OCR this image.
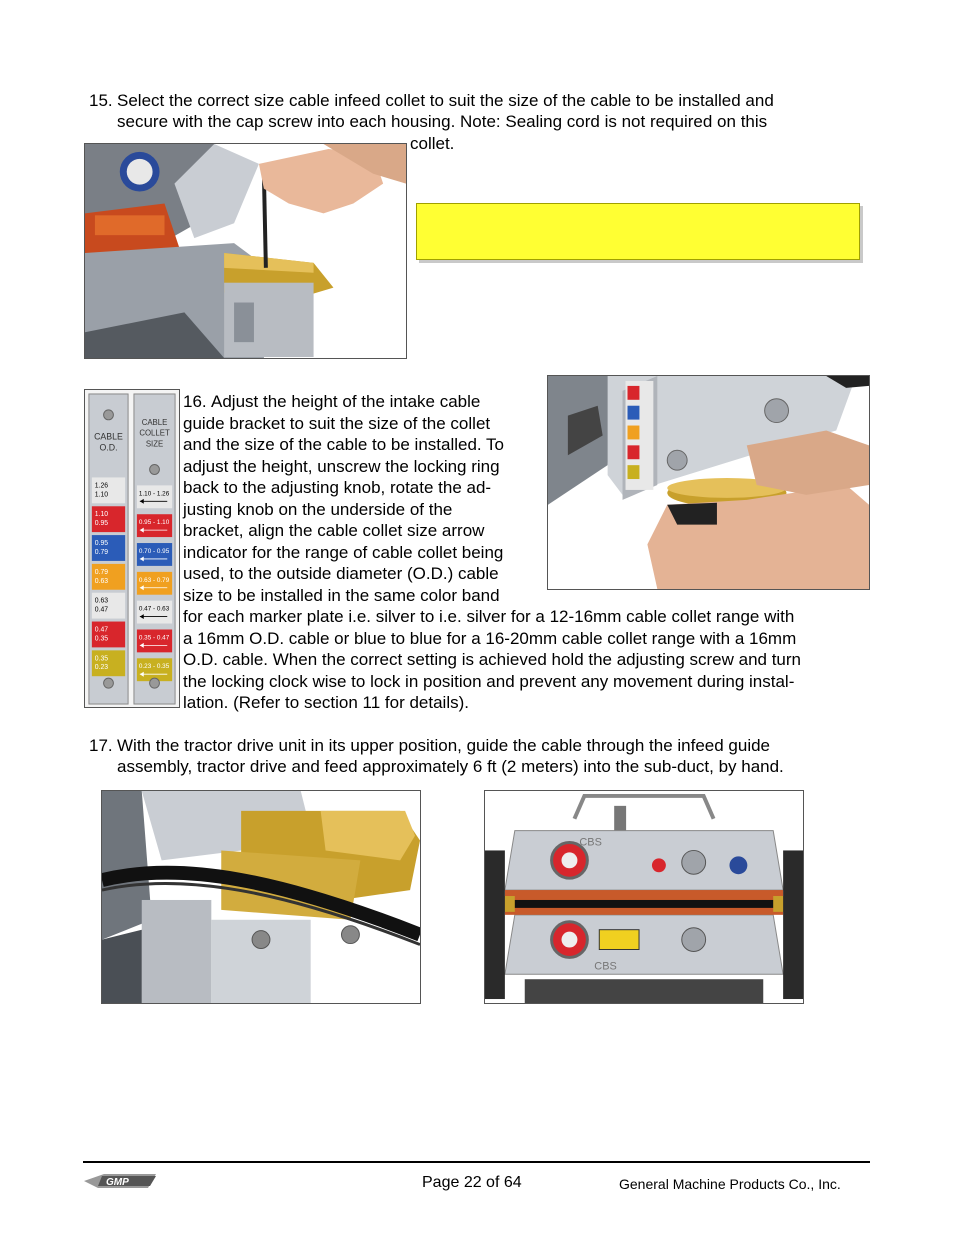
15. Select the correct size cable infeed collet to suit the size of the cable to be installed and
secure with the cap screw into each housing. Note: Sealing cord is not required on this
collet.
CABLE
O.D.
CABLE
COLLET
SIZE
1.26
1.10
1.10
0.95
0.95
0.79
0.79
0.63
0.63
0.47
0.47
0.35
0.35
0.23
1.10 - 1.26
0.95 - 1.10
0.70 - 0.95
0.63 - 0.79
0.47 - 0.63
0.35 - 0.47
0.23 - 0.35
16. Adjust the height of the intake cable
guide bracket to suit the size of the collet
and the size of the cable to be installed. To
adjust the height, unscrew the locking ring
back to the adjusting knob, rotate the ad-
justing knob on the underside of the
bracket, align the cable collet size arrow
indicator for the range of cable collet being
used, to the outside diameter (O.D.) cable
size to be installed in the same color band
for each marker plate i.e. silver to i.e. silver for a 12-16mm cable collet range with
a 16mm O.D. cable or blue to blue for a 16-20mm cable collet range with a 16mm
O.D. cable. When the correct setting is achieved hold the adjusting screw and turn
the locking clock wise to lock in position and prevent any movement during instal-
lation. (Refer to section 11 for details).
17. With the tractor drive unit in its upper position, guide the cable through the infeed guide
assembly, tractor drive and feed approximately 6 ft (2 meters) into the sub-duct, by hand.
CBS
CBS
GMP	Page 22 of 64	General Machine Products Co., Inc.
